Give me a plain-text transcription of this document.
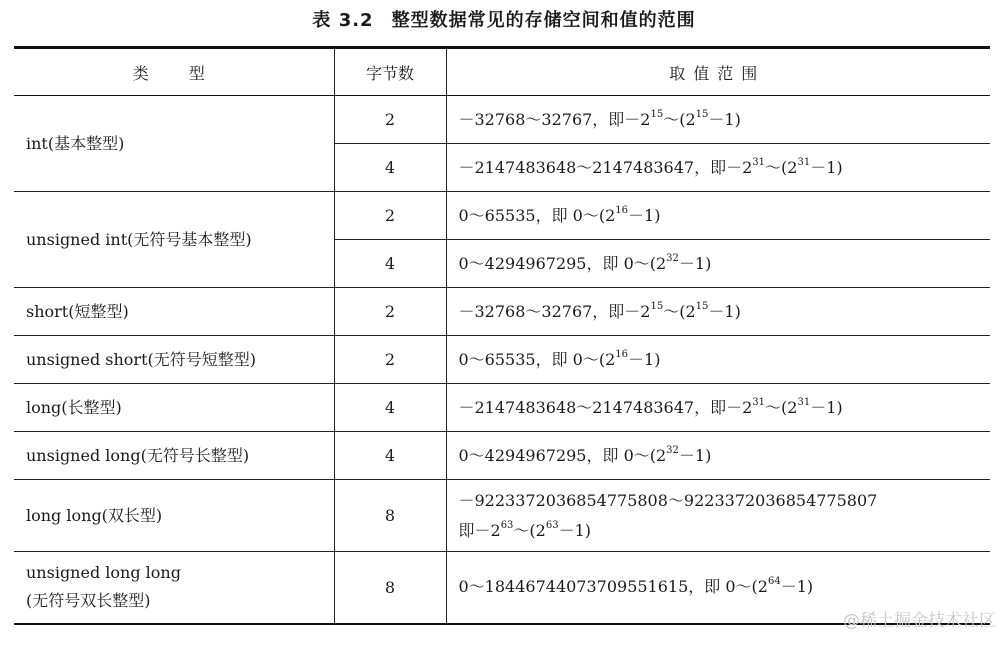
表 3.2 整型数据常见的存储空间和值的范围
类型	字节数	取值范围
int(基本整型)	2	－32768～32767，即$-2^{15}\sim(2^{15}-1)$
	4	－2147483648～2147483647，即$-2^{31}\sim(2^{31}-1)$
unsigned int(无符号基本整型)	2	0～65535，即 $0\sim(2^{16}-1)$
	4	0～4294967295，即 $0\sim(2^{32}-1)$
short(短整型)	2	－32768～32767，即$-2^{15}\sim(2^{15}-1)$
unsigned short(无符号短整型)	2	0～65535，即 $0\sim(2^{16}-1)$
long(长整型)	4	－2147483648～2147483647，即$-2^{31}\sim(2^{31}-1)$
unsigned long(无符号长整型)	4	0～4294967295，即 $0\sim(2^{32}-1)$
long long(双长型)	8	－9223372036854775808～9223372036854775807
即$-2^{63}\sim(2^{63}-1)$

unsigned long long
(无符号双长整型)	8	0～18446744073709551615，即 $0\sim(2^{64}-1)$
@稀土掘金技术社区
